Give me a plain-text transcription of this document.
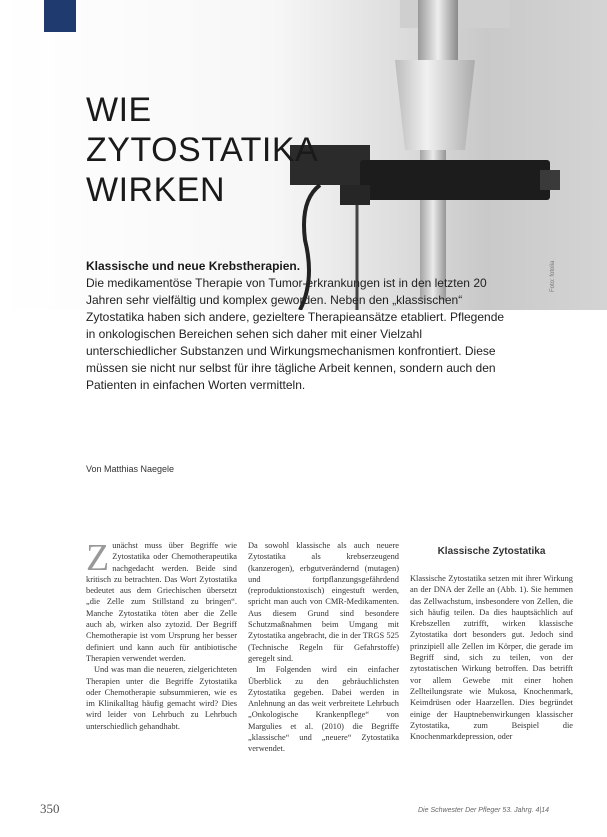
WIE ZYTOSTATIKA WIRKEN
Foto: fotolia

Klassische und neue Krebstherapien.

Die medikamentöse Therapie von Tumor-erkrankungen ist in den letzten 20 Jahren sehr vielfältig und komplex geworden. Neben den „klassischen“ Zytostatika haben sich andere, gezieltere Therapieansätze etabliert. Pflegende in onkologischen Bereichen sehen sich daher mit einer Vielzahl unterschiedlicher Substanzen und Wirkungsmechanismen konfrontiert. Diese müssen sie nicht nur selbst für ihre tägliche Arbeit kennen, sondern auch den Patienten in einfachen Worten vermitteln.

Von Matthias Naegele

Zunächst muss über Begriffe wie Zytostatika oder Chemotherapeutika nachgedacht werden. Beide sind kritisch zu betrachten. Das Wort Zytostatika bedeutet aus dem Griechischen übersetzt „die Zelle zum Stillstand zu bringen“. Manche Zytostatika töten aber die Zelle auch ab, wirken also zytozid. Der Begriff Chemotherapie ist vom Ursprung her besser definiert und kann auch für antibiotische Therapien verwendet werden.

Und was man die neueren, zielgerichteten Therapien unter die Begriffe Zytostatika oder Chemotherapie subsummieren, wie es im Klinikalltag häufig gemacht wird? Dies wird leider von Lehrbuch zu Lehrbuch unterschiedlich gehandhabt.

Da sowohl klassische als auch neuere Zytostatika als krebserzeugend (kanzerogen), erbgutverändernd (mutagen) und fortpflanzungsgefährdend (reproduktionstoxisch) eingestuft werden, spricht man auch von CMR-Medikamenten. Aus diesem Grund sind besondere Schutzmaßnahmen beim Umgang mit Zytostatika angebracht, die in der TRGS 525 (Technische Regeln für Gefahrstoffe) geregelt sind.

Im Folgenden wird ein einfacher Überblick zu den gebräuchlichsten Zytostatika gegeben. Dabei werden in Anlehnung an das weit verbreitete Lehrbuch „Onkologische Krankenpflege“ von Margulies et al. (2010) die Begriffe „klassische“ und „neuere“ Zytostatika verwendet.

Klassische Zytostatika

Klassische Zytostatika setzen mit ihrer Wirkung an der DNA der Zelle an (Abb. 1). Sie hemmen das Zellwachstum, insbesondere von Zellen, die sich häufig teilen. Da dies hauptsächlich auf Krebszellen zutrifft, wirken klassische Zytostatika dort besonders gut. Jedoch sind prinzipiell alle Zellen im Körper, die gerade im Begriff sind, sich zu teilen, von der zytostatischen Wirkung betroffen. Das betrifft vor allem Gewebe mit einer hohen Zellteilungsrate wie Mukosa, Knochenmark, Keimdrüsen oder Haarzellen. Dies begründet einige der Hauptnebenwirkungen klassischer Zytostatika, zum Beispiel die Knochenmarkdepression, oder

350	Die Schwester Der Pfleger 53. Jahrg. 4|14
